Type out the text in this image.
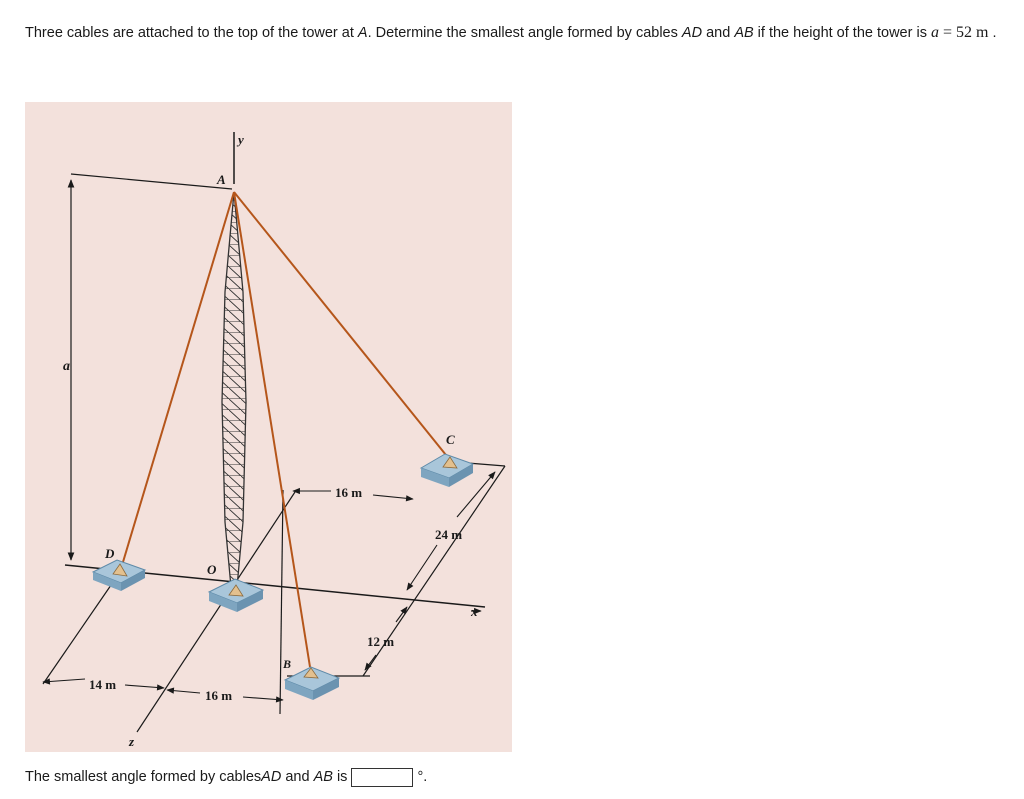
Three cables are attached to the top of the tower at A. Determine the smallest angle formed by cables AD and AB if the height of the tower is a = 52 m .

y
A
a
C
D
O
B
x
z
16 m
24 m
12 m
14 m
16 m
The smallest angle formed by cables AD
and
AB
is	°.
